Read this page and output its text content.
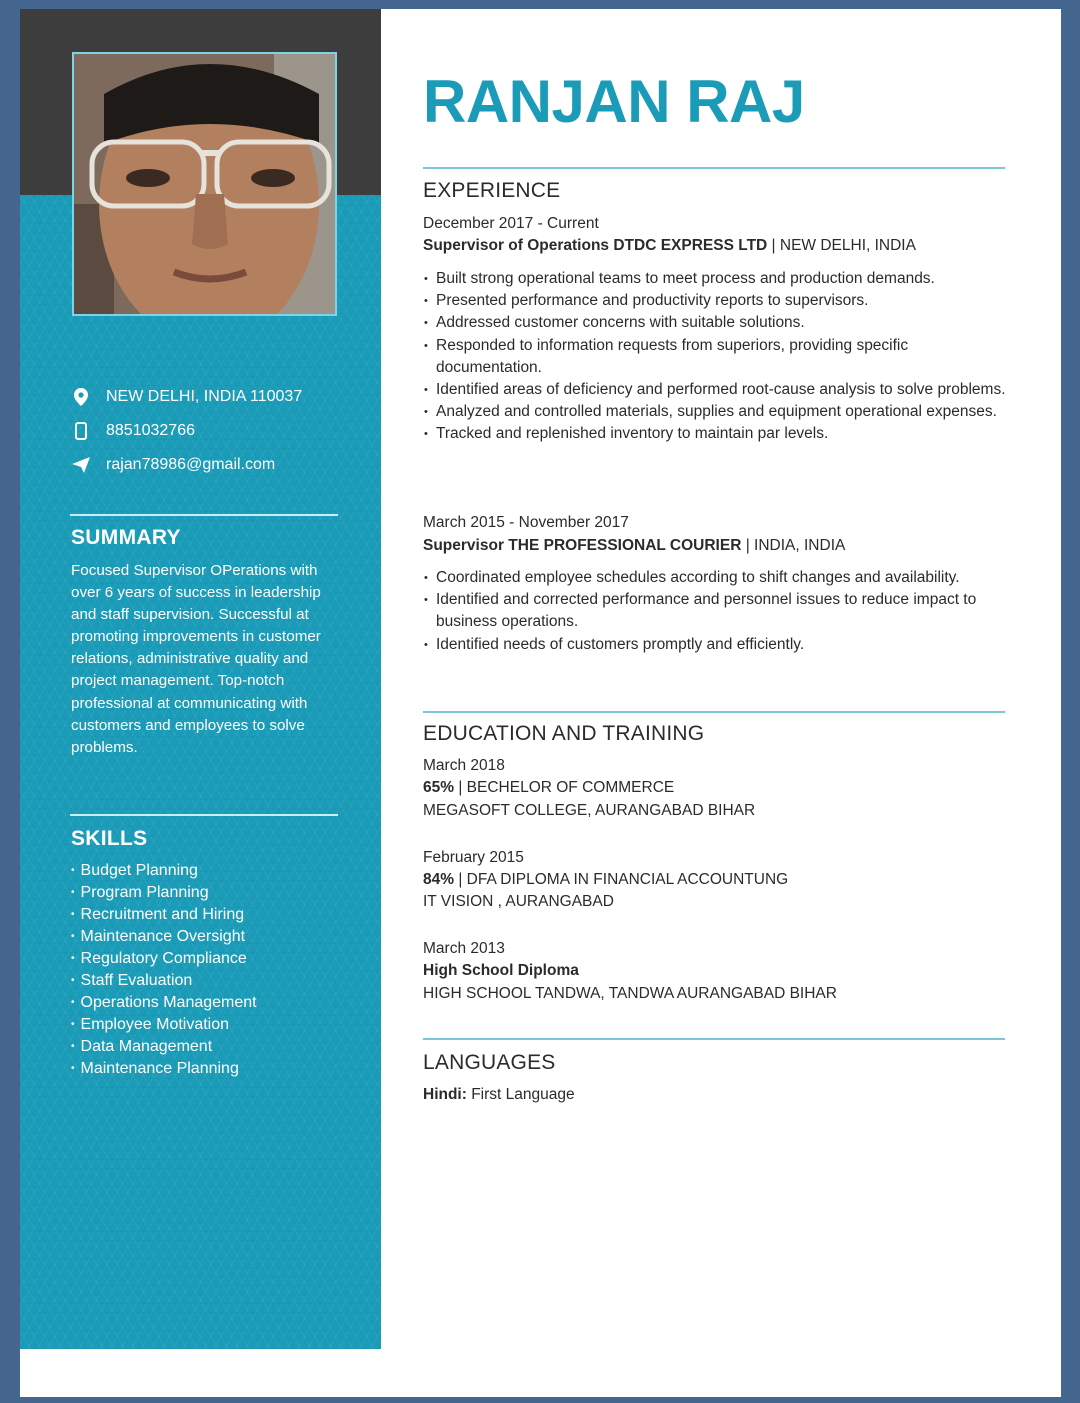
NEW DELHI, INDIA 110037
8851032766
rajan78986@gmail.com
SUMMARY

Focused Supervisor OPerations with over 6 years of success in leadership and staff supervision. Successful at promoting improvements in customer relations, administrative quality and project management. Top-notch professional at communicating with customers and employees to solve problems.

SKILLS
• Budget Planning
• Program Planning
• Recruitment and Hiring
• Maintenance Oversight
• Regulatory Compliance
• Staff Evaluation
• Operations Management
• Employee Motivation
• Data Management
• Maintenance Planning
RANJAN RAJ
EXPERIENCE
December 2017 - Current
Supervisor of Operations DTDC EXPRESS LTD | NEW DELHI, INDIA
• Built strong operational teams to meet process and production demands.
• Presented performance and productivity reports to supervisors.
• Addressed customer concerns with suitable solutions.
• Responded to information requests from superiors, providing specific documentation.
• Identified areas of deficiency and performed root-cause analysis to solve problems.
• Analyzed and controlled materials, supplies and equipment operational expenses.
• Tracked and replenished inventory to maintain par levels.
March 2015 - November 2017
Supervisor THE PROFESSIONAL COURIER | INDIA, INDIA
• Coordinated employee schedules according to shift changes and availability.
• Identified and corrected performance and personnel issues to reduce impact to business operations.
• Identified needs of customers promptly and efficiently.
EDUCATION AND TRAINING
March 2018
65% | BECHELOR OF COMMERCE
MEGASOFT COLLEGE, AURANGABAD BIHAR
February 2015
84% | DFA DIPLOMA IN FINANCIAL ACCOUNTUNG
IT VISION , AURANGABAD
March 2013
High School Diploma
HIGH SCHOOL TANDWA, TANDWA AURANGABAD BIHAR
LANGUAGES
Hindi: First Language
